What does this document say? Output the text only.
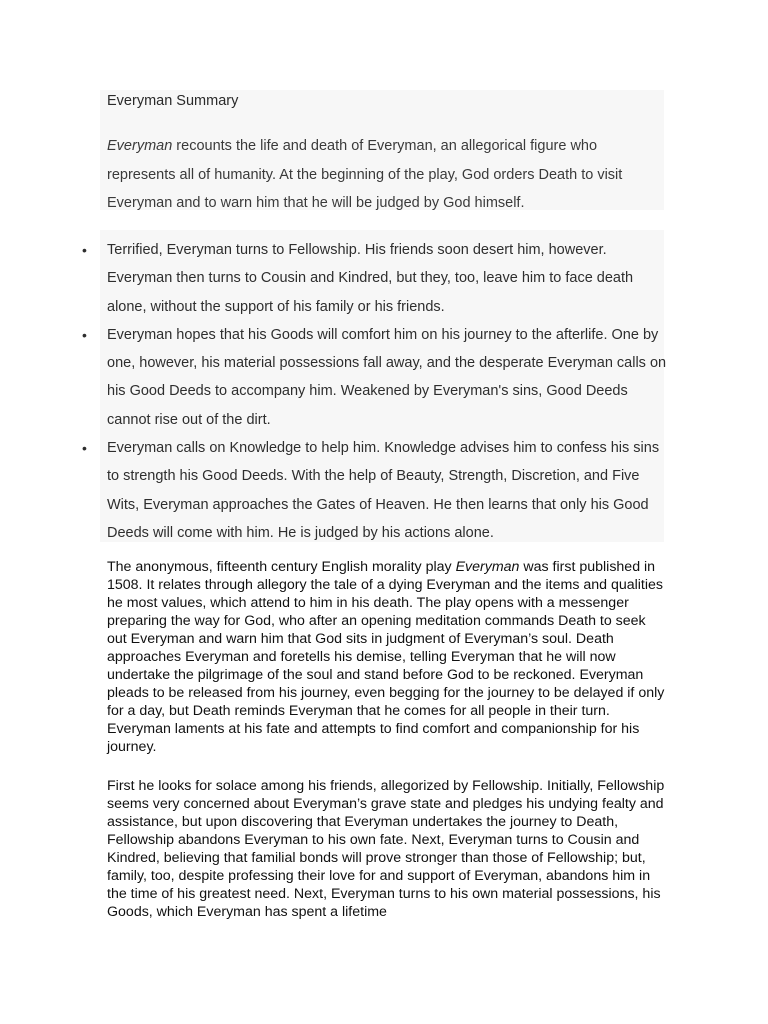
Everyman Summary
Everyman recounts the life and death of Everyman, an allegorical figure who represents all of humanity. At the beginning of the play, God orders Death to visit Everyman and to warn him that he will be judged by God himself.
• Terrified, Everyman turns to Fellowship. His friends soon desert him, however. Everyman then turns to Cousin and Kindred, but they, too, leave him to face death alone, without the support of his family or his friends.
• Everyman hopes that his Goods will comfort him on his journey to the afterlife. One by one, however, his material possessions fall away, and the desperate Everyman calls on his Good Deeds to accompany him. Weakened by Everyman's sins, Good Deeds cannot rise out of the dirt.
• Everyman calls on Knowledge to help him. Knowledge advises him to confess his sins to strength his Good Deeds. With the help of Beauty, Strength, Discretion, and Five Wits, Everyman approaches the Gates of Heaven. He then learns that only his Good Deeds will come with him. He is judged by his actions alone.

The anonymous, fifteenth century English morality play Everyman was first published in 1508. It relates through allegory the tale of a dying Everyman and the items and qualities he most values, which attend to him in his death. The play opens with a messenger preparing the way for God, who after an opening meditation commands Death to seek out Everyman and warn him that God sits in judgment of Everyman’s soul. Death approaches Everyman and foretells his demise, telling Everyman that he will now undertake the pilgrimage of the soul and stand before God to be reckoned. Everyman pleads to be released from his journey, even begging for the journey to be delayed if only for a day, but Death reminds Everyman that he comes for all people in their turn. Everyman laments at his fate and attempts to find comfort and companionship for his journey.

First he looks for solace among his friends, allegorized by Fellowship. Initially, Fellowship seems very concerned about Everyman’s grave state and pledges his undying fealty and assistance, but upon discovering that Everyman undertakes the journey to Death, Fellowship abandons Everyman to his own fate. Next, Everyman turns to Cousin and Kindred, believing that familial bonds will prove stronger than those of Fellowship; but, family, too, despite professing their love for and support of Everyman, abandons him in the time of his greatest need. Next, Everyman turns to his own material possessions, his Goods, which Everyman has spent a lifetime
